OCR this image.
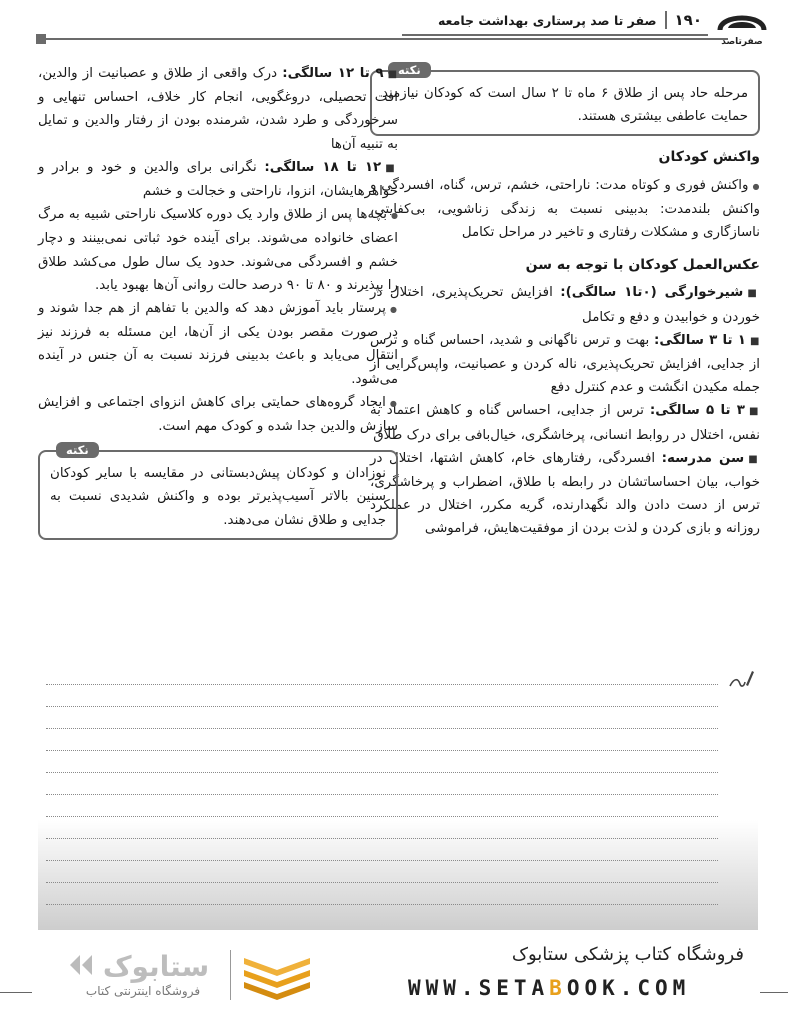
۱۹۰
صفر تا صد پرستاری بهداشت جامعه
صفرتاصد
نکته

مرحله حاد پس از طلاق ۶ ماه تا ۲ سال است که کودکان نیازمند حمایت عاطفی بیشتری هستند.

واکنش کودکان

● واکنش فوری و کوتاه مدت: ناراحتی، خشم، ترس، گناه، افسردگی و واکنش بلندمدت: بدبینی نسبت به زندگی زناشویی، بی‌کفایتی، ناسازگاری و مشکلات رفتاری و تاخیر در مراحل تکامل

عکس‌العمل کودکان با توجه به سن

■ شیرخوارگی (۰تا۱ سالگی): افزایش تحریک‌پذیری، اختلال در خوردن و خوابیدن و دفع و تکامل

■ ۱ تا ۳ سالگی: بهت و ترس ناگهانی و شدید، احساس گناه و ترس از جدایی، افزایش تحریک‌پذیری، ناله کردن و عصبانیت، واپس‌گرایی از جمله مکیدن انگشت و عدم کنترل دفع

■ ۳ تا ۵ سالگی: ترس از جدایی، احساس گناه و کاهش اعتماد به نفس، اختلال در روابط انسانی، پرخاشگری، خیال‌بافی برای درک طلاق

■ سن مدرسه: افسردگی، رفتارهای خام، کاهش اشتها، اختلال در خواب، بیان احساساتشان در رابطه با طلاق، اضطراب و پرخاشگری، ترس از دست دادن والد نگهدارنده، گریه مکرر، اختلال در عملکرد روزانه و بازی کردن و لذت بردن از موفقیت‌هایش، فراموشی

■ ۹ تا ۱۲ سالگی: درک واقعی از طلاق و عصبانیت از والدین، افت تحصیلی، دروغگویی، انجام کار خلاف، احساس تنهایی و سرخوردگی و طرد شدن، شرمنده بودن از رفتار والدین و تمایل به تنبیه آن‌ها

■ ۱۲ تا ۱۸ سالگی: نگرانی برای والدین و خود و برادر و خواهرهایشان، انزوا، ناراحتی و خجالت و خشم

● بچه‌ها پس از طلاق وارد یک دوره کلاسیک ناراحتی شبیه به مرگ اعضای خانواده می‌شوند. برای آینده خود ثباتی نمی‌بینند و دچار خشم و افسردگی می‌شوند. حدود یک سال طول می‌کشد طلاق را بپذیرند و ۸۰ تا ۹۰ درصد حالت روانی آن‌ها بهبود یابد.

● پرستار باید آموزش دهد که والدین با تفاهم از هم جدا شوند و در صورت مقصر بودن یکی از آن‌ها، این مسئله به فرزند نیز انتقال می‌یابد و باعث بدبینی فرزند نسبت به آن جنس در آینده می‌شود.

● ایجاد گروه‌های حمایتی برای کاهش انزوای اجتماعی و افزایش سازش والدین جدا شده و کودک مهم است.

نکته

نوزادان و کودکان پیش‌دبستانی در مقایسه با سایر کودکان سنین بالاتر آسیب‌پذیرتر بوده و واکنش شدیدی نسبت به جدایی و طلاق نشان می‌دهند.

فروشگاه کتاب پزشکی ستابوک
WWW.SETABOOK.COM
ستابوک
فروشگاه اینترنتی کتاب
